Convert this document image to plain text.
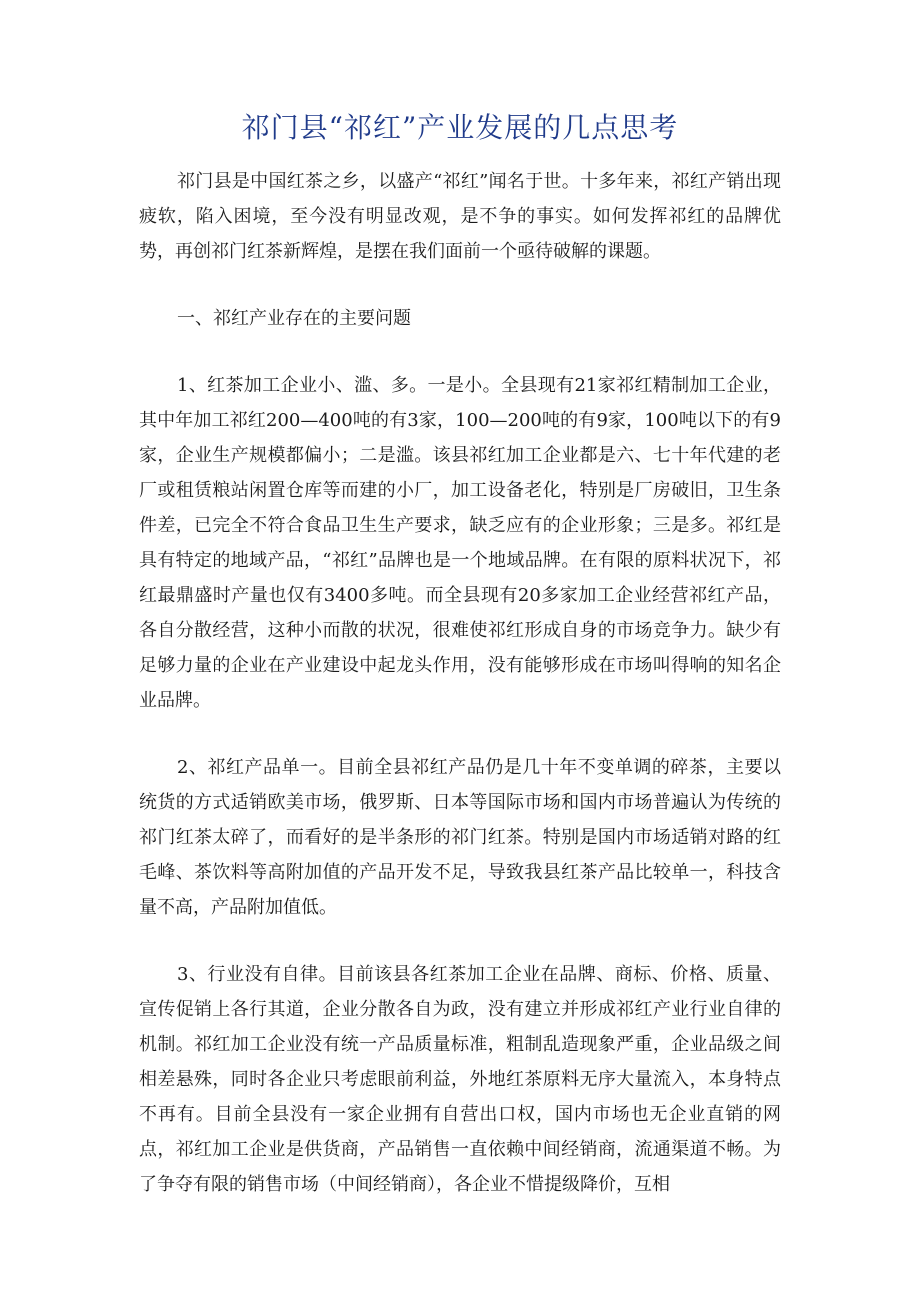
祁门县“祁红”产业发展的几点思考

祁门县是中国红茶之乡，以盛产“祁红”闻名于世。十多年来，祁红产销出现疲软，陷入困境，至今没有明显改观，是不争的事实。如何发挥祁红的品牌优势，再创祁门红茶新辉煌，是摆在我们面前一个亟待破解的课题。

一、祁红产业存在的主要问题

1、红茶加工企业小、滥、多。一是小。全县现有21家祁红精制加工企业，其中年加工祁红200—400吨的有3家，100—200吨的有9家，100吨以下的有9家，企业生产规模都偏小；二是滥。该县祁红加工企业都是六、七十年代建的老厂或租赁粮站闲置仓库等而建的小厂，加工设备老化，特别是厂房破旧，卫生条件差，已完全不符合食品卫生生产要求，缺乏应有的企业形象；三是多。祁红是具有特定的地域产品，“祁红”品牌也是一个地域品牌。在有限的原料状况下，祁红最鼎盛时产量也仅有3400多吨。而全县现有20多家加工企业经营祁红产品，各自分散经营，这种小而散的状况，很难使祁红形成自身的市场竞争力。缺少有足够力量的企业在产业建设中起龙头作用，没有能够形成在市场叫得响的知名企业品牌。

2、祁红产品单一。目前全县祁红产品仍是几十年不变单调的碎茶，主要以统货的方式适销欧美市场，俄罗斯、日本等国际市场和国内市场普遍认为传统的祁门红茶太碎了，而看好的是半条形的祁门红茶。特别是国内市场适销对路的红毛峰、茶饮料等高附加值的产品开发不足，导致我县红茶产品比较单一，科技含量不高，产品附加值低。

3、行业没有自律。目前该县各红茶加工企业在品牌、商标、价格、质量、宣传促销上各行其道，企业分散各自为政，没有建立并形成祁红产业行业自律的机制。祁红加工企业没有统一产品质量标准，粗制乱造现象严重，企业品级之间相差悬殊，同时各企业只考虑眼前利益，外地红茶原料无序大量流入，本身特点不再有。目前全县没有一家企业拥有自营出口权，国内市场也无企业直销的网点，祁红加工企业是供货商，产品销售一直依赖中间经销商，流通渠道不畅。为了争夺有限的销售市场（中间经销商），各企业不惜提级降价，互相
